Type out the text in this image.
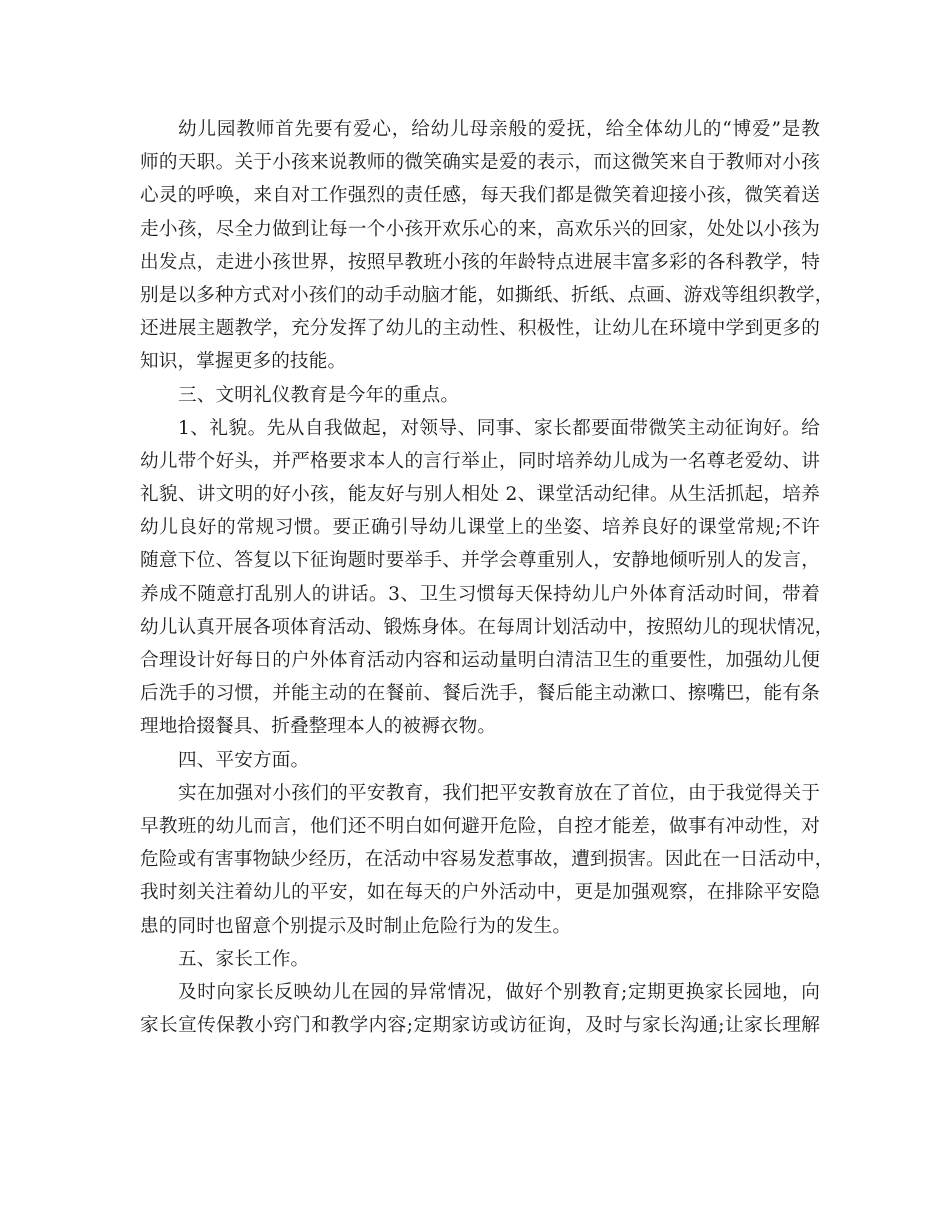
幼儿园教师首先要有爱心，给幼儿母亲般的爱抚，给全体幼儿的“博爱”是教
师的天职。关于小孩来说教师的微笑确实是爱的表示，而这微笑来自于教师对小孩
心灵的呼唤，来自对工作强烈的责任感，每天我们都是微笑着迎接小孩，微笑着送
走小孩，尽全力做到让每一个小孩开欢乐心的来，高欢乐兴的回家，处处以小孩为
出发点，走进小孩世界，按照早教班小孩的年龄特点进展丰富多彩的各科教学，特
别是以多种方式对小孩们的动手动脑才能，如撕纸、折纸、点画、游戏等组织教学，
还进展主题教学，充分发挥了幼儿的主动性、积极性，让幼儿在环境中学到更多的
知识，掌握更多的技能。
三、文明礼仪教育是今年的重点。
1、礼貌。先从自我做起，对领导、同事、家长都要面带微笑主动征询好。给
幼儿带个好头，并严格要求本人的言行举止，同时培养幼儿成为一名尊老爱幼、讲
礼貌、讲文明的好小孩，能友好与别人相处 2、课堂活动纪律。从生活抓起，培养
幼儿良好的常规习惯。要正确引导幼儿课堂上的坐姿、培养良好的课堂常规;不许
随意下位、答复以下征询题时要举手、并学会尊重别人，安静地倾听别人的发言，
养成不随意打乱别人的讲话。3、卫生习惯每天保持幼儿户外体育活动时间，带着
幼儿认真开展各项体育活动、锻炼身体。在每周计划活动中，按照幼儿的现状情况，
合理设计好每日的户外体育活动内容和运动量明白清洁卫生的重要性，加强幼儿便
后洗手的习惯，并能主动的在餐前、餐后洗手，餐后能主动漱口、擦嘴巴，能有条
理地拾掇餐具、折叠整理本人的被褥衣物。
四、平安方面。
实在加强对小孩们的平安教育，我们把平安教育放在了首位，由于我觉得关于
早教班的幼儿而言，他们还不明白如何避开危险，自控才能差，做事有冲动性，对
危险或有害事物缺少经历，在活动中容易发惹事故，遭到损害。因此在一日活动中，
我时刻关注着幼儿的平安，如在每天的户外活动中，更是加强观察，在排除平安隐
患的同时也留意个别提示及时制止危险行为的发生。
五、家长工作。
及时向家长反映幼儿在园的异常情况，做好个别教育;定期更换家长园地，向
家长宣传保教小窍门和教学内容;定期家访或访征询，及时与家长沟通;让家长理解
